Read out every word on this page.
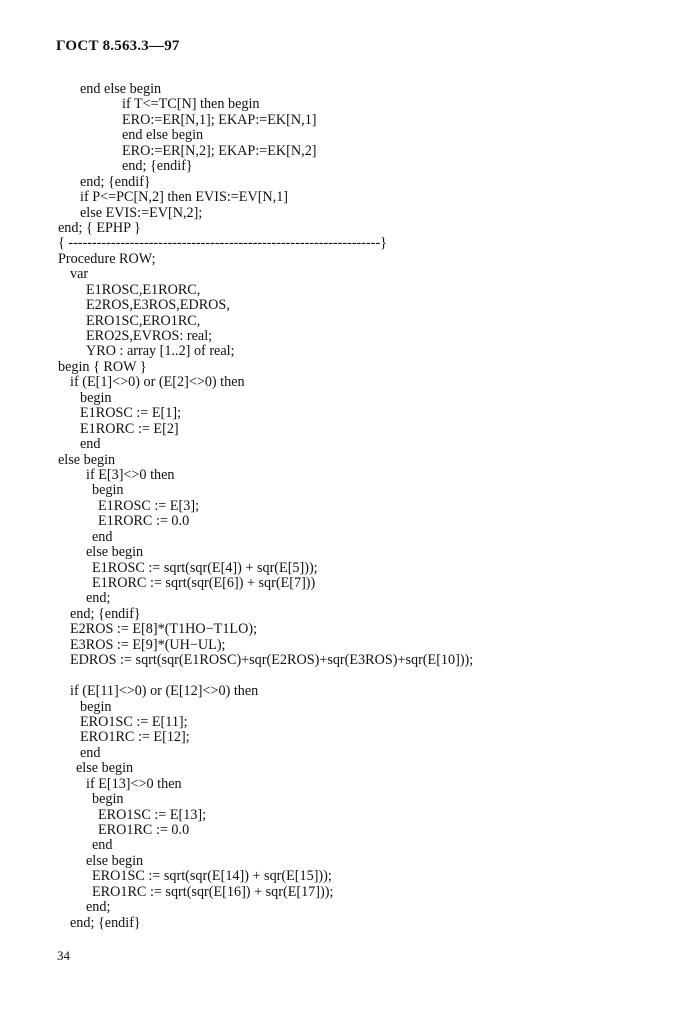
ГОСТ 8.563.3—97
end else begin
if T<=TC[N] then begin
ERO:=ER[N,1]; EKAP:=EK[N,1]
end else begin
ERO:=ER[N,2]; EKAP:=EK[N,2]
end; {endif}
end; {endif}
if P<=PC[N,2] then EVIS:=EV[N,1]
else EVIS:=EV[N,2];
end; { EPHP }
{ ------------------------------------------------------------------}
Procedure ROW;
var
E1ROSC,E1RORC,
E2ROS,E3ROS,EDROS,
ERO1SC,ERO1RC,
ERO2S,EVROS: real;
YRO : array [1..2] of real;
begin { ROW }
if (E[1]<>0) or (E[2]<>0) then
begin
E1ROSC := E[1];
E1RORC := E[2]
end
else begin
if E[3]<>0 then
begin
E1ROSC := E[3];
E1RORC := 0.0
end
else begin
E1ROSC := sqrt(sqr(E[4]) + sqr(E[5]));
E1RORC := sqrt(sqr(E[6]) + sqr(E[7]))
end;
end; {endif}
E2ROS := E[8]*(T1HO−T1LO);
E3ROS := E[9]*(UH−UL);
EDROS := sqrt(sqr(E1ROSC)+sqr(E2ROS)+sqr(E3ROS)+sqr(E[10]));
if (E[11]<>0) or (E[12]<>0) then
begin
ERO1SC := E[11];
ERO1RC := E[12];
end
else begin
if E[13]<>0 then
begin
ERO1SC := E[13];
ERO1RC := 0.0
end
else begin
ERO1SC := sqrt(sqr(E[14]) + sqr(E[15]));
ERO1RC := sqrt(sqr(E[16]) + sqr(E[17]));
end;
end; {endif}
34
